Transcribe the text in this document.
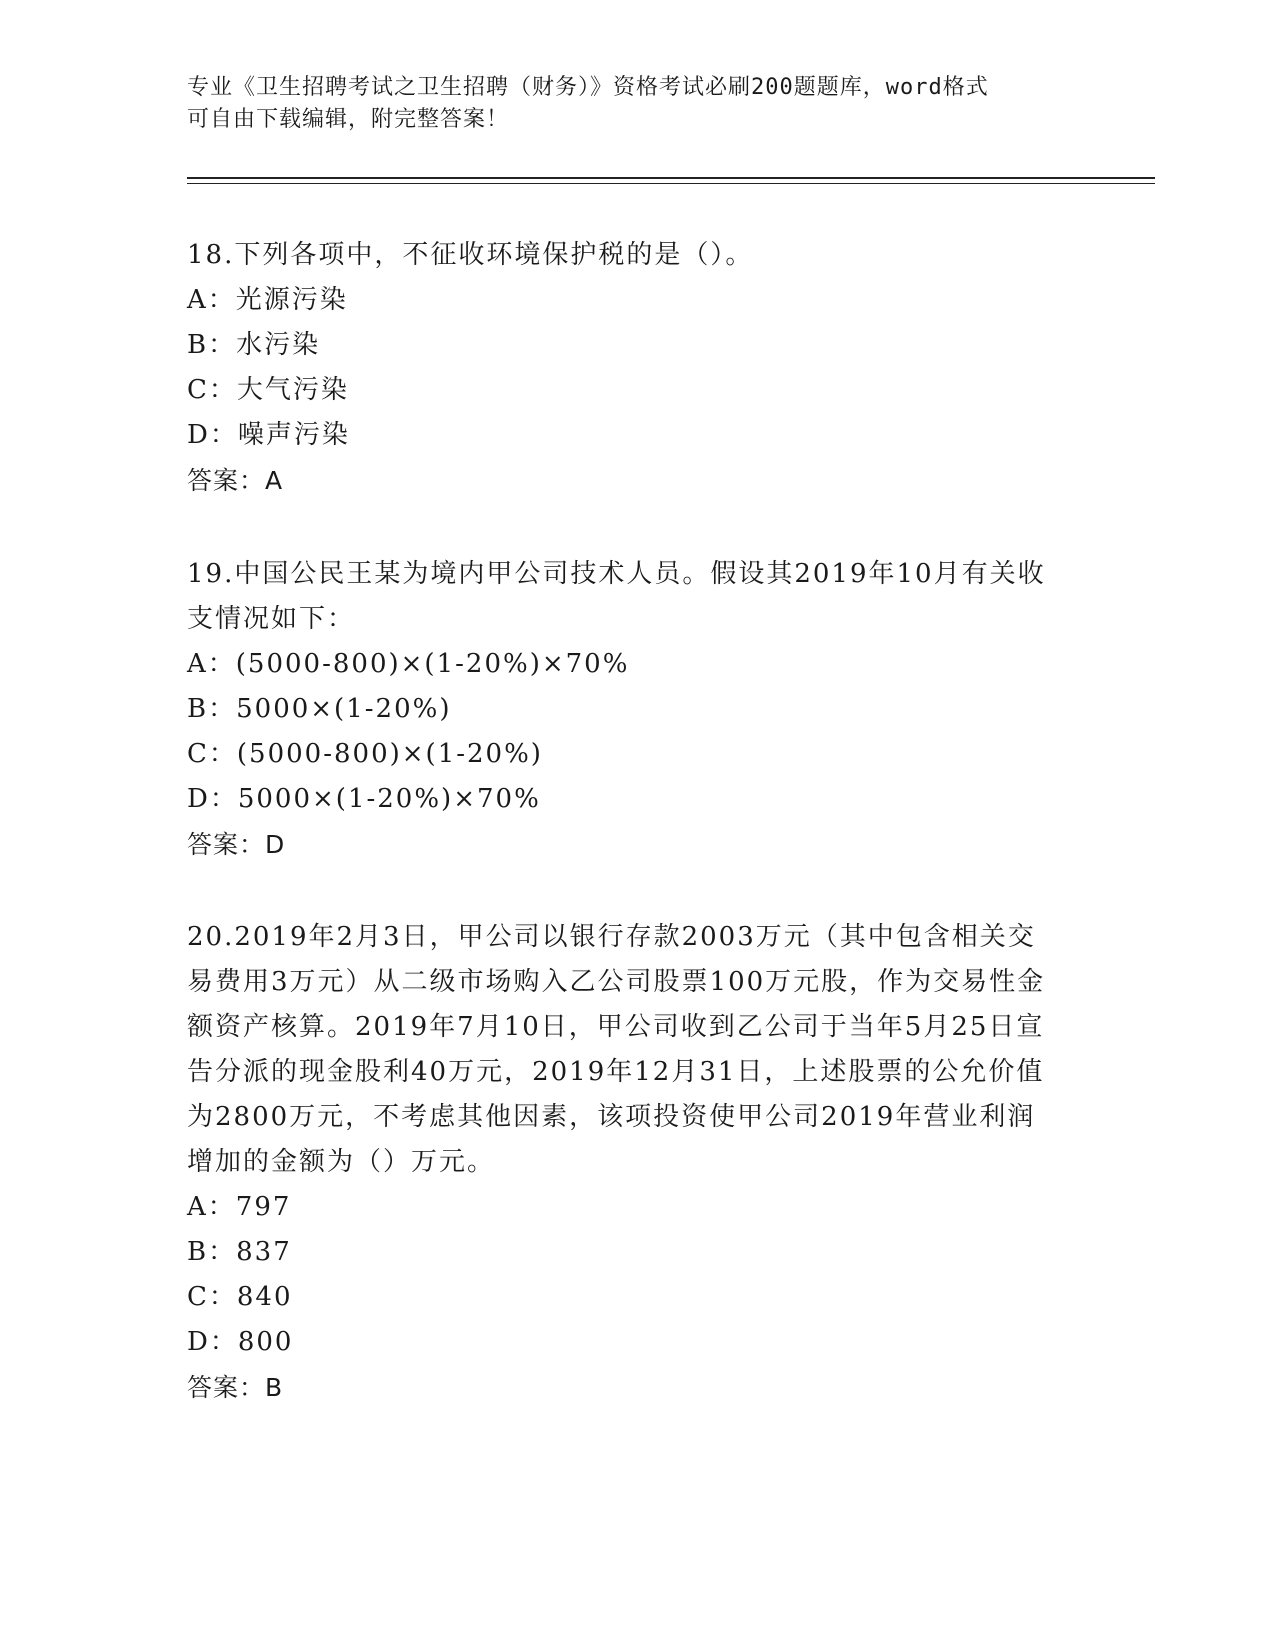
专业《卫生招聘考试之卫生招聘（财务）》资格考试必刷200题题库，word格式
可自由下载编辑，附完整答案！

18.下列各项中，不征收环境保护税的是（）。

A：光源污染

B：水污染

C：大气污染

D：噪声污染

答案：A

19.中国公民王某为境内甲公司技术人员。假设其2019年10月有关收支情况如下：

A：(5000-800)×(1-20%)×70%

B：5000×(1-20%)

C：(5000-800)×(1-20%)

D：5000×(1-20%)×70%

答案：D

20.2019年2月3日，甲公司以银行存款2003万元（其中包含相关交易费用3万元）从二级市场购入乙公司股票100万元股，作为交易性金额资产核算。2019年7月10日，甲公司收到乙公司于当年5月25日宣告分派的现金股利40万元，2019年12月31日，上述股票的公允价值为2800万元，不考虑其他因素，该项投资使甲公司2019年营业利润增加的金额为（）万元。

A：797

B：837

C：840

D：800

答案：B
